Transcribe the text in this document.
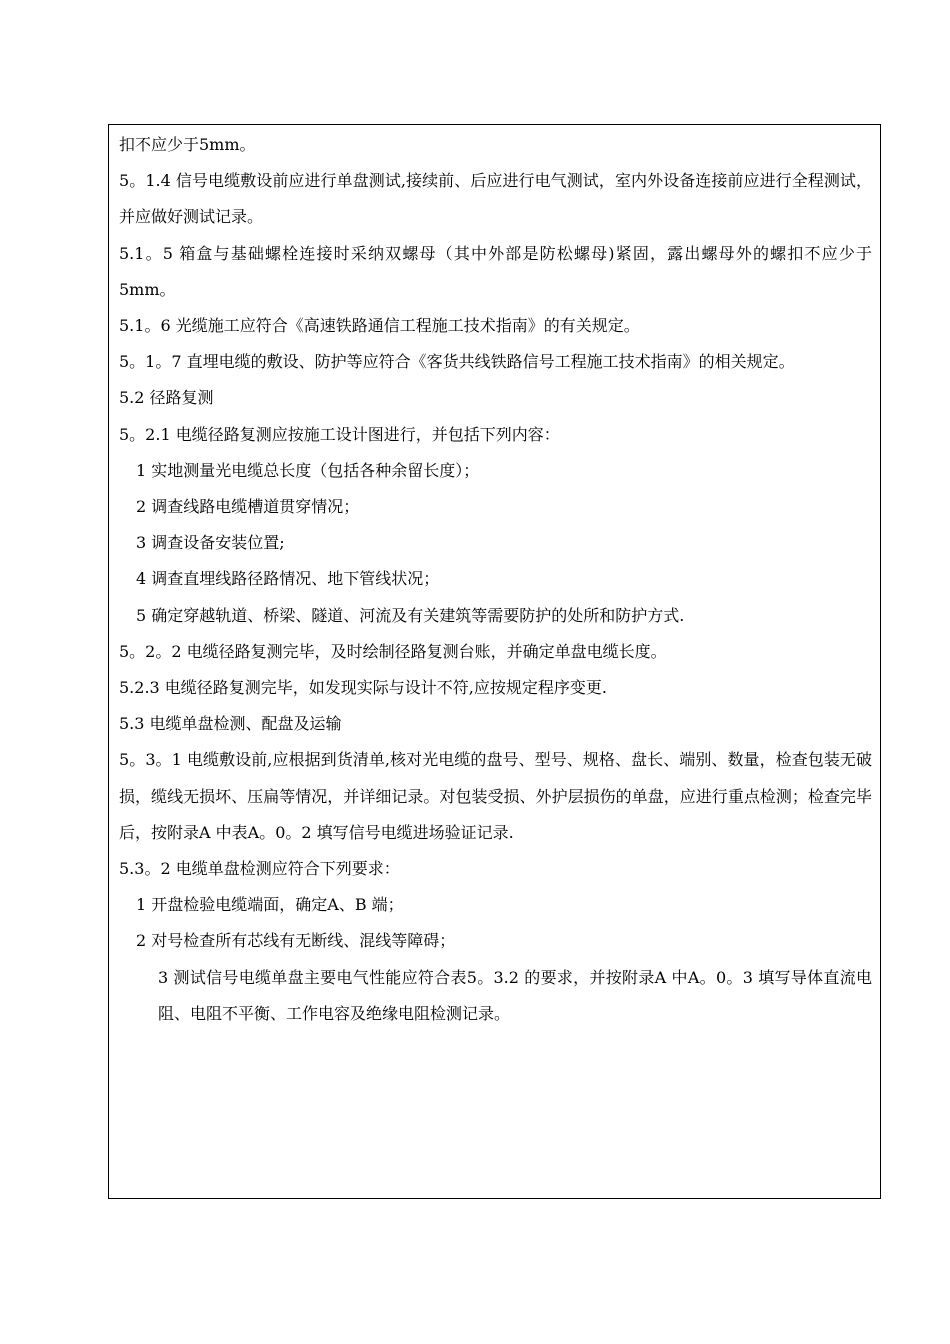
扣不应少于5mm。

5。1.4 信号电缆敷设前应进行单盘测试,接续前、后应进行电气测试，室内外设备连接前应进行全程测试，并应做好测试记录。

5.1。5 箱盒与基础螺栓连接时采纳双螺母（其中外部是防松螺母)紧固，露出螺母外的螺扣不应少于5mm。

5.1。6 光缆施工应符合《高速铁路通信工程施工技术指南》的有关规定。

5。1。7 直埋电缆的敷设、防护等应符合《客货共线铁路信号工程施工技术指南》的相关规定。

5.2 径路复测

5。2.1 电缆径路复测应按施工设计图进行，并包括下列内容：

1 实地测量光电缆总长度（包括各种余留长度）；

2 调查线路电缆槽道贯穿情况；

3 调查设备安装位置;

4 调查直埋线路径路情况、地下管线状况；

5 确定穿越轨道、桥梁、隧道、河流及有关建筑等需要防护的处所和防护方式.

5。2。2 电缆径路复测完毕，及时绘制径路复测台账，并确定单盘电缆长度。

5.2.3 电缆径路复测完毕，如发现实际与设计不符,应按规定程序变更.

5.3 电缆单盘检测、配盘及运输

5。3。1 电缆敷设前,应根据到货清单,核对光电缆的盘号、型号、规格、盘长、端别、数量，检查包装无破损，缆线无损坏、压扁等情况，并详细记录。对包装受损、外护层损伤的单盘，应进行重点检测；检查完毕后，按附录A 中表A。0。2 填写信号电缆进场验证记录.

5.3。2 电缆单盘检测应符合下列要求：

1 开盘检验电缆端面，确定A、B 端；

2 对号检查所有芯线有无断线、混线等障碍；

3 测试信号电缆单盘主要电气性能应符合表5。3.2 的要求，并按附录A 中A。0。3 填写导体直流电阻、电阻不平衡、工作电容及绝缘电阻检测记录。
